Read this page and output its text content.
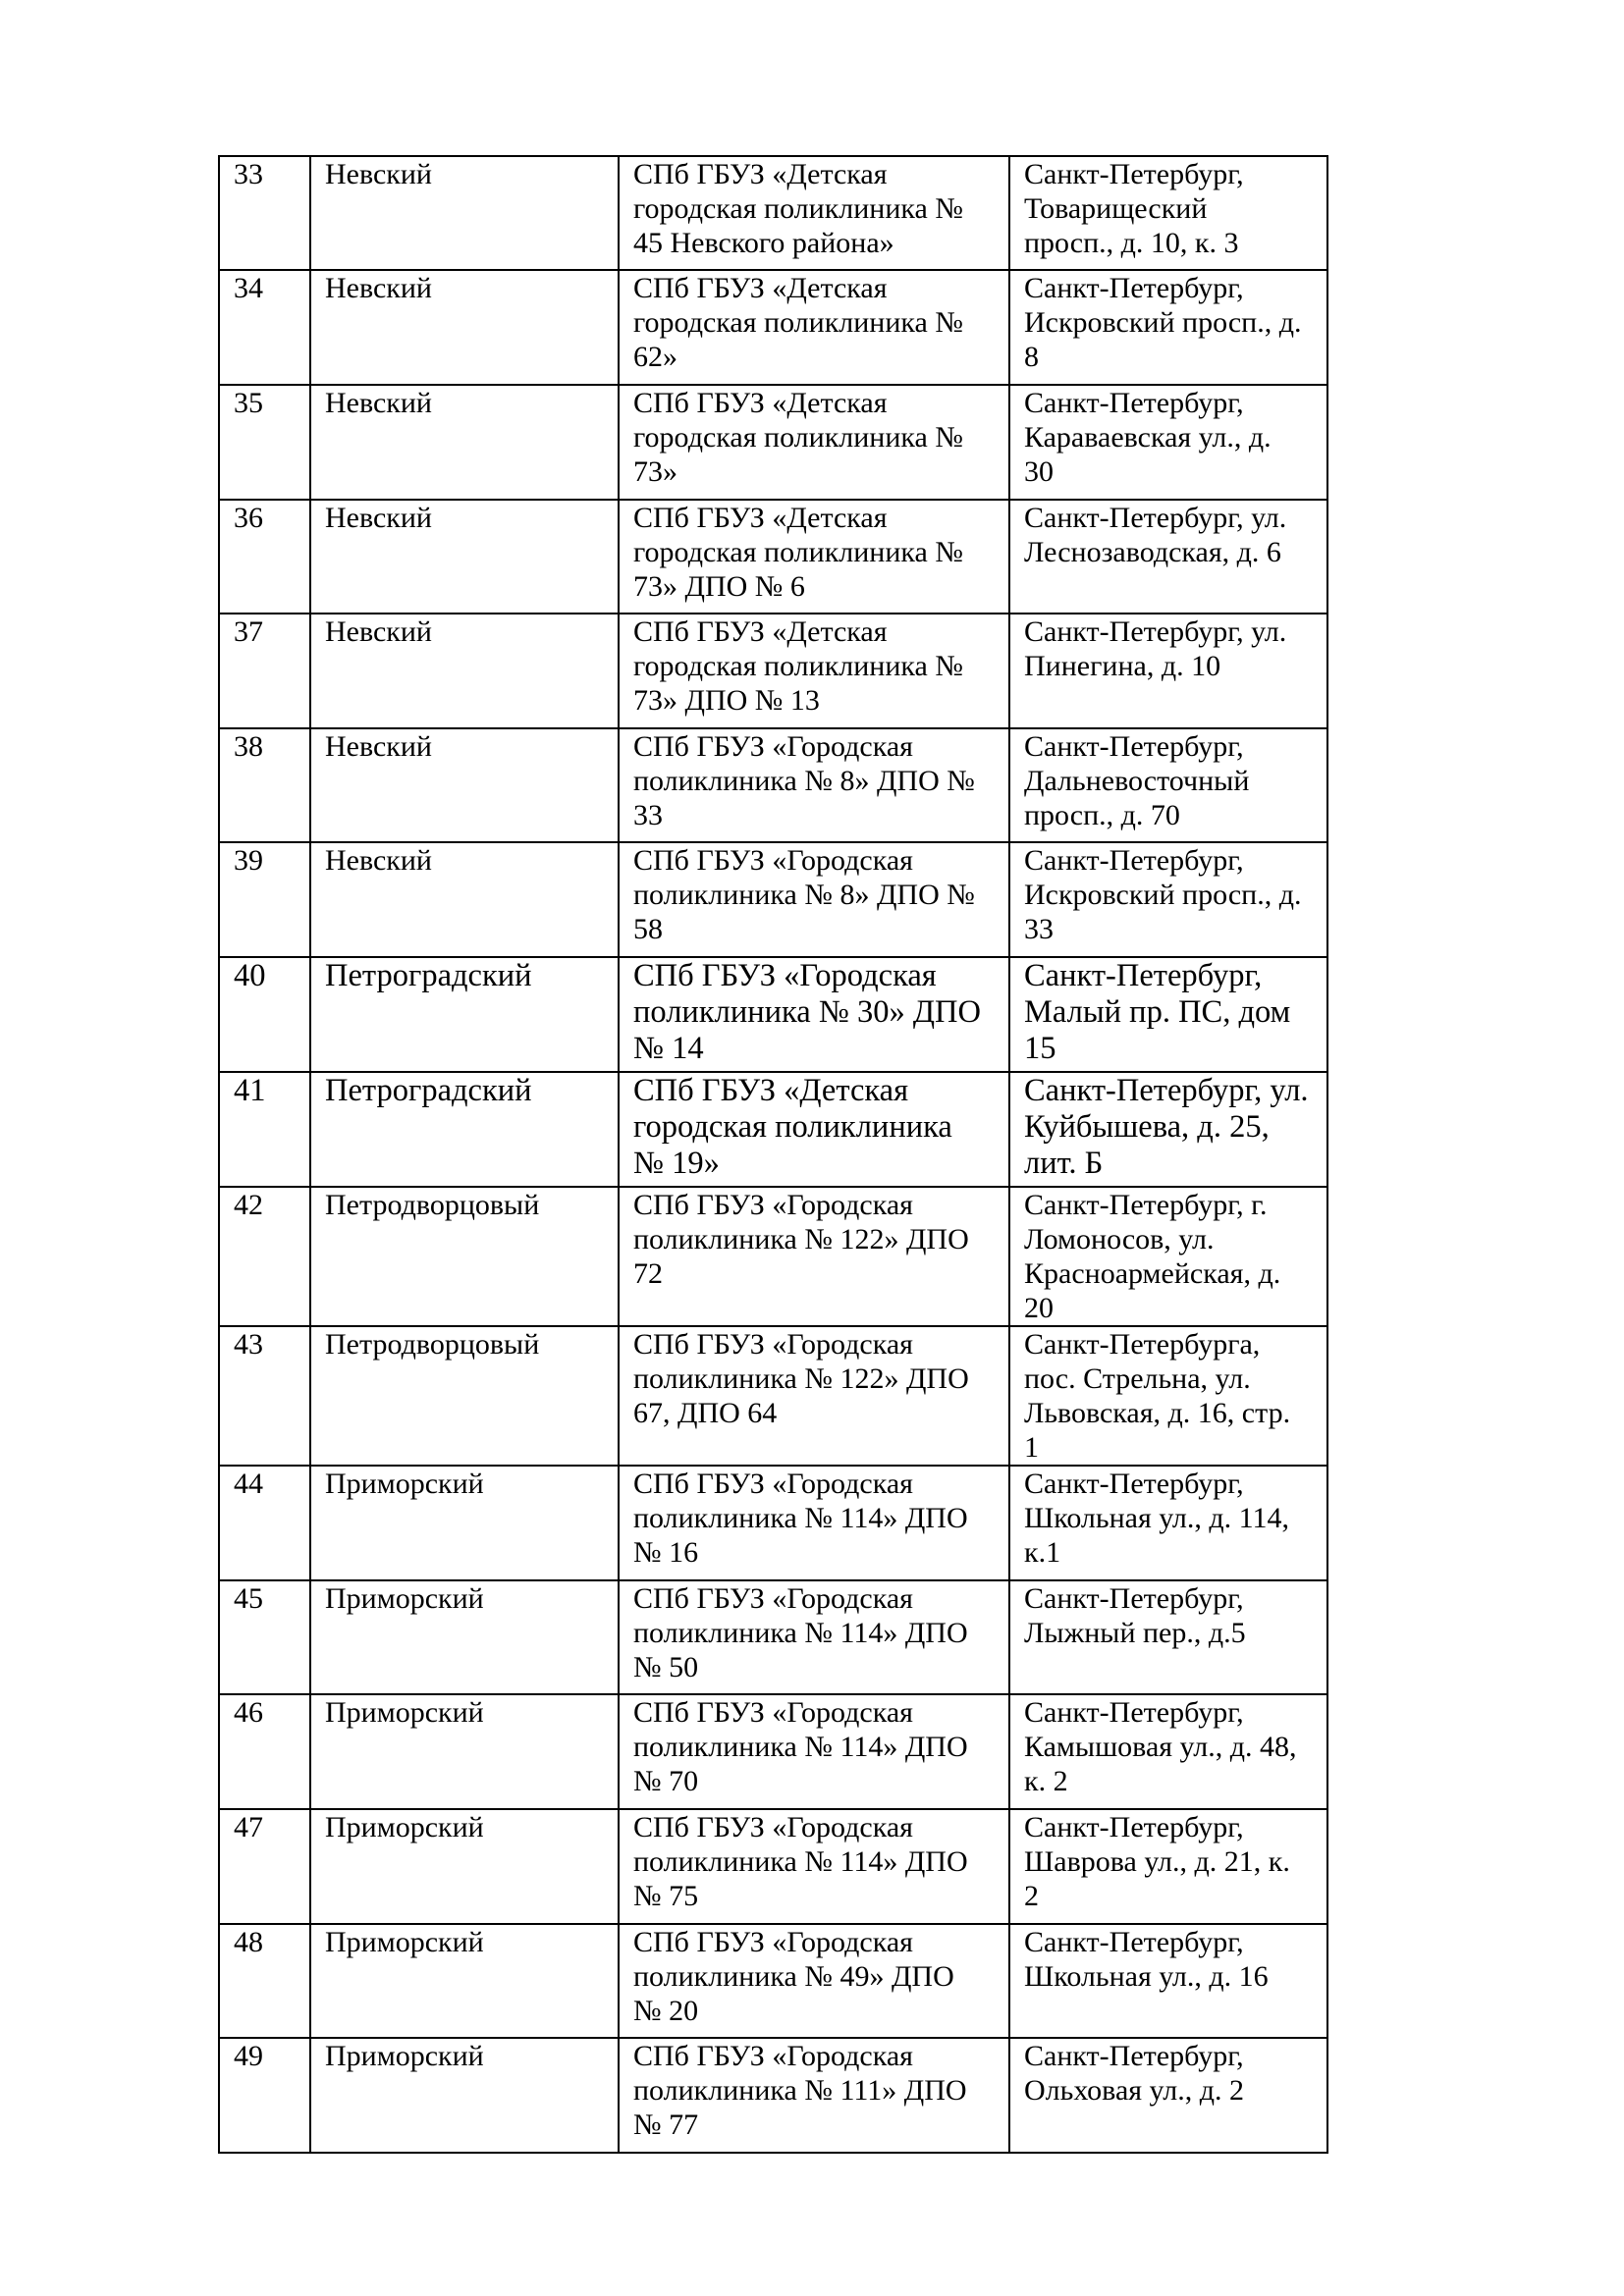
33	Невский	СПб ГБУЗ «Детская
городская поликлиника №
45 Невского района»	Санкт-Петербург,
Товарищеский
просп., д. 10, к. 3

34	Невский	СПб ГБУЗ «Детская
городская поликлиника №
62»	Санкт-Петербург,
Искровский просп., д.
8

35	Невский	СПб ГБУЗ «Детская
городская поликлиника №
73»	Санкт-Петербург,
Караваевская ул., д.
30

36	Невский	СПб ГБУЗ «Детская
городская поликлиника №
73» ДПО № 6	Санкт-Петербург, ул.
Леснозаводская, д. 6

37	Невский	СПб ГБУЗ «Детская
городская поликлиника №
73» ДПО № 13	Санкт-Петербург, ул.
Пинегина, д. 10

38	Невский	СПб ГБУЗ «Городская
поликлиника № 8» ДПО №
33	Санкт-Петербург,
Дальневосточный
просп., д. 70

39	Невский	СПб ГБУЗ «Городская
поликлиника № 8» ДПО №
58	Санкт-Петербург,
Искровский просп., д.
33

40	Петроградский	СПб ГБУЗ «Городская
поликлиника № 30» ДПО
№ 14	Санкт-Петербург,
Малый пр. ПС, дом
15

41	Петроградский	СПб ГБУЗ «Детская
городская поликлиника
№ 19»	Санкт-Петербург, ул.
Куйбышева, д. 25,
лит. Б

42	Петродворцовый	СПб ГБУЗ «Городская
поликлиника № 122» ДПО
72	Санкт-Петербург, г.
Ломоносов, ул.
Красноармейская, д.
20

43	Петродворцовый	СПб ГБУЗ «Городская
поликлиника № 122» ДПО
67, ДПО 64	Санкт-Петербурга,
пос. Стрельна, ул.
Львовская, д. 16, стр.
1

44	Приморский	СПб ГБУЗ «Городская
поликлиника № 114» ДПО
№ 16	Санкт-Петербург,
Школьная ул., д. 114,
к.1

45	Приморский	СПб ГБУЗ «Городская
поликлиника № 114» ДПО
№ 50	Санкт-Петербург,
Лыжный пер., д.5

46	Приморский	СПб ГБУЗ «Городская
поликлиника № 114» ДПО
№ 70	Санкт-Петербург,
Камышовая ул., д. 48,
к. 2

47	Приморский	СПб ГБУЗ «Городская
поликлиника № 114» ДПО
№ 75	Санкт-Петербург,
Шаврова ул., д. 21, к.
2

48	Приморский	СПб ГБУЗ «Городская
поликлиника № 49» ДПО
№ 20	Санкт-Петербург,
Школьная ул., д. 16

49	Приморский	СПб ГБУЗ «Городская
поликлиника № 111» ДПО
№ 77	Санкт-Петербург,
Ольховая ул., д. 2
